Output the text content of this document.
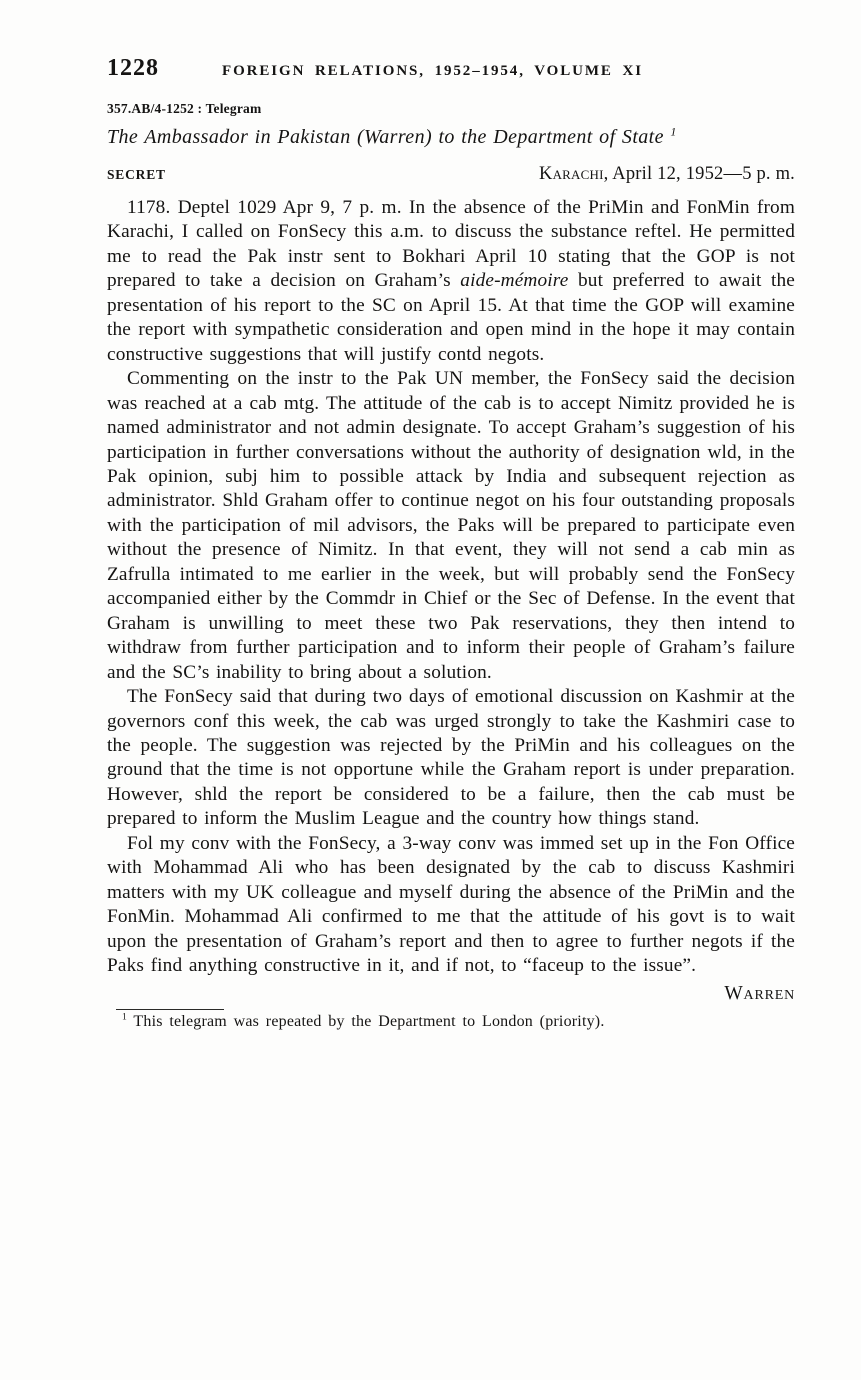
1228	FOREIGN RELATIONS, 1952–1954, VOLUME XI
357.AB/4-1252 : Telegram
The Ambassador in Pakistan (Warren) to the Department of State $^1$
SECRET	Karachi, April 12, 1952—5 p. m.

1178. Deptel 1029 Apr 9, 7 p. m. In the absence of the PriMin and FonMin from Karachi, I called on FonSecy this a.m. to discuss the substance reftel. He permitted me to read the Pak instr sent to Bokhari April 10 stating that the GOP is not prepared to take a decision on Graham’s aide-mémoire but preferred to await the presentation of his report to the SC on April 15. At that time the GOP will examine the report with sympathetic consideration and open mind in the hope it may contain constructive suggestions that will justify contd negots.

Commenting on the instr to the Pak UN member, the FonSecy said the decision was reached at a cab mtg. The attitude of the cab is to accept Nimitz provided he is named administrator and not admin designate. To accept Graham’s suggestion of his participation in further conversations without the authority of designation wld, in the Pak opinion, subj him to possible attack by India and subsequent rejection as administrator. Shld Graham offer to continue negot on his four outstanding proposals with the participation of mil advisors, the Paks will be prepared to participate even without the presence of Nimitz. In that event, they will not send a cab min as Zafrulla intimated to me earlier in the week, but will probably send the FonSecy accompanied either by the Commdr in Chief or the Sec of Defense. In the event that Graham is unwilling to meet these two Pak reservations, they then intend to withdraw from further participation and to inform their people of Graham’s failure and the SC’s inability to bring about a solution.

The FonSecy said that during two days of emotional discussion on Kashmir at the governors conf this week, the cab was urged strongly to take the Kashmiri case to the people. The suggestion was rejected by the PriMin and his colleagues on the ground that the time is not opportune while the Graham report is under preparation. However, shld the report be considered to be a failure, then the cab must be prepared to inform the Muslim League and the country how things stand.

Fol my conv with the FonSecy, a 3-way conv was immed set up in the Fon Office with Mohammad Ali who has been designated by the cab to discuss Kashmiri matters with my UK colleague and myself during the absence of the PriMin and the FonMin. Mohammad Ali confirmed to me that the attitude of his govt is to wait upon the presentation of Graham’s report and then to agree to further negots if the Paks find anything constructive in it, and if not, to “faceup to the issue”.

Warren

$^1$ This telegram was repeated by the Department to London (priority).
